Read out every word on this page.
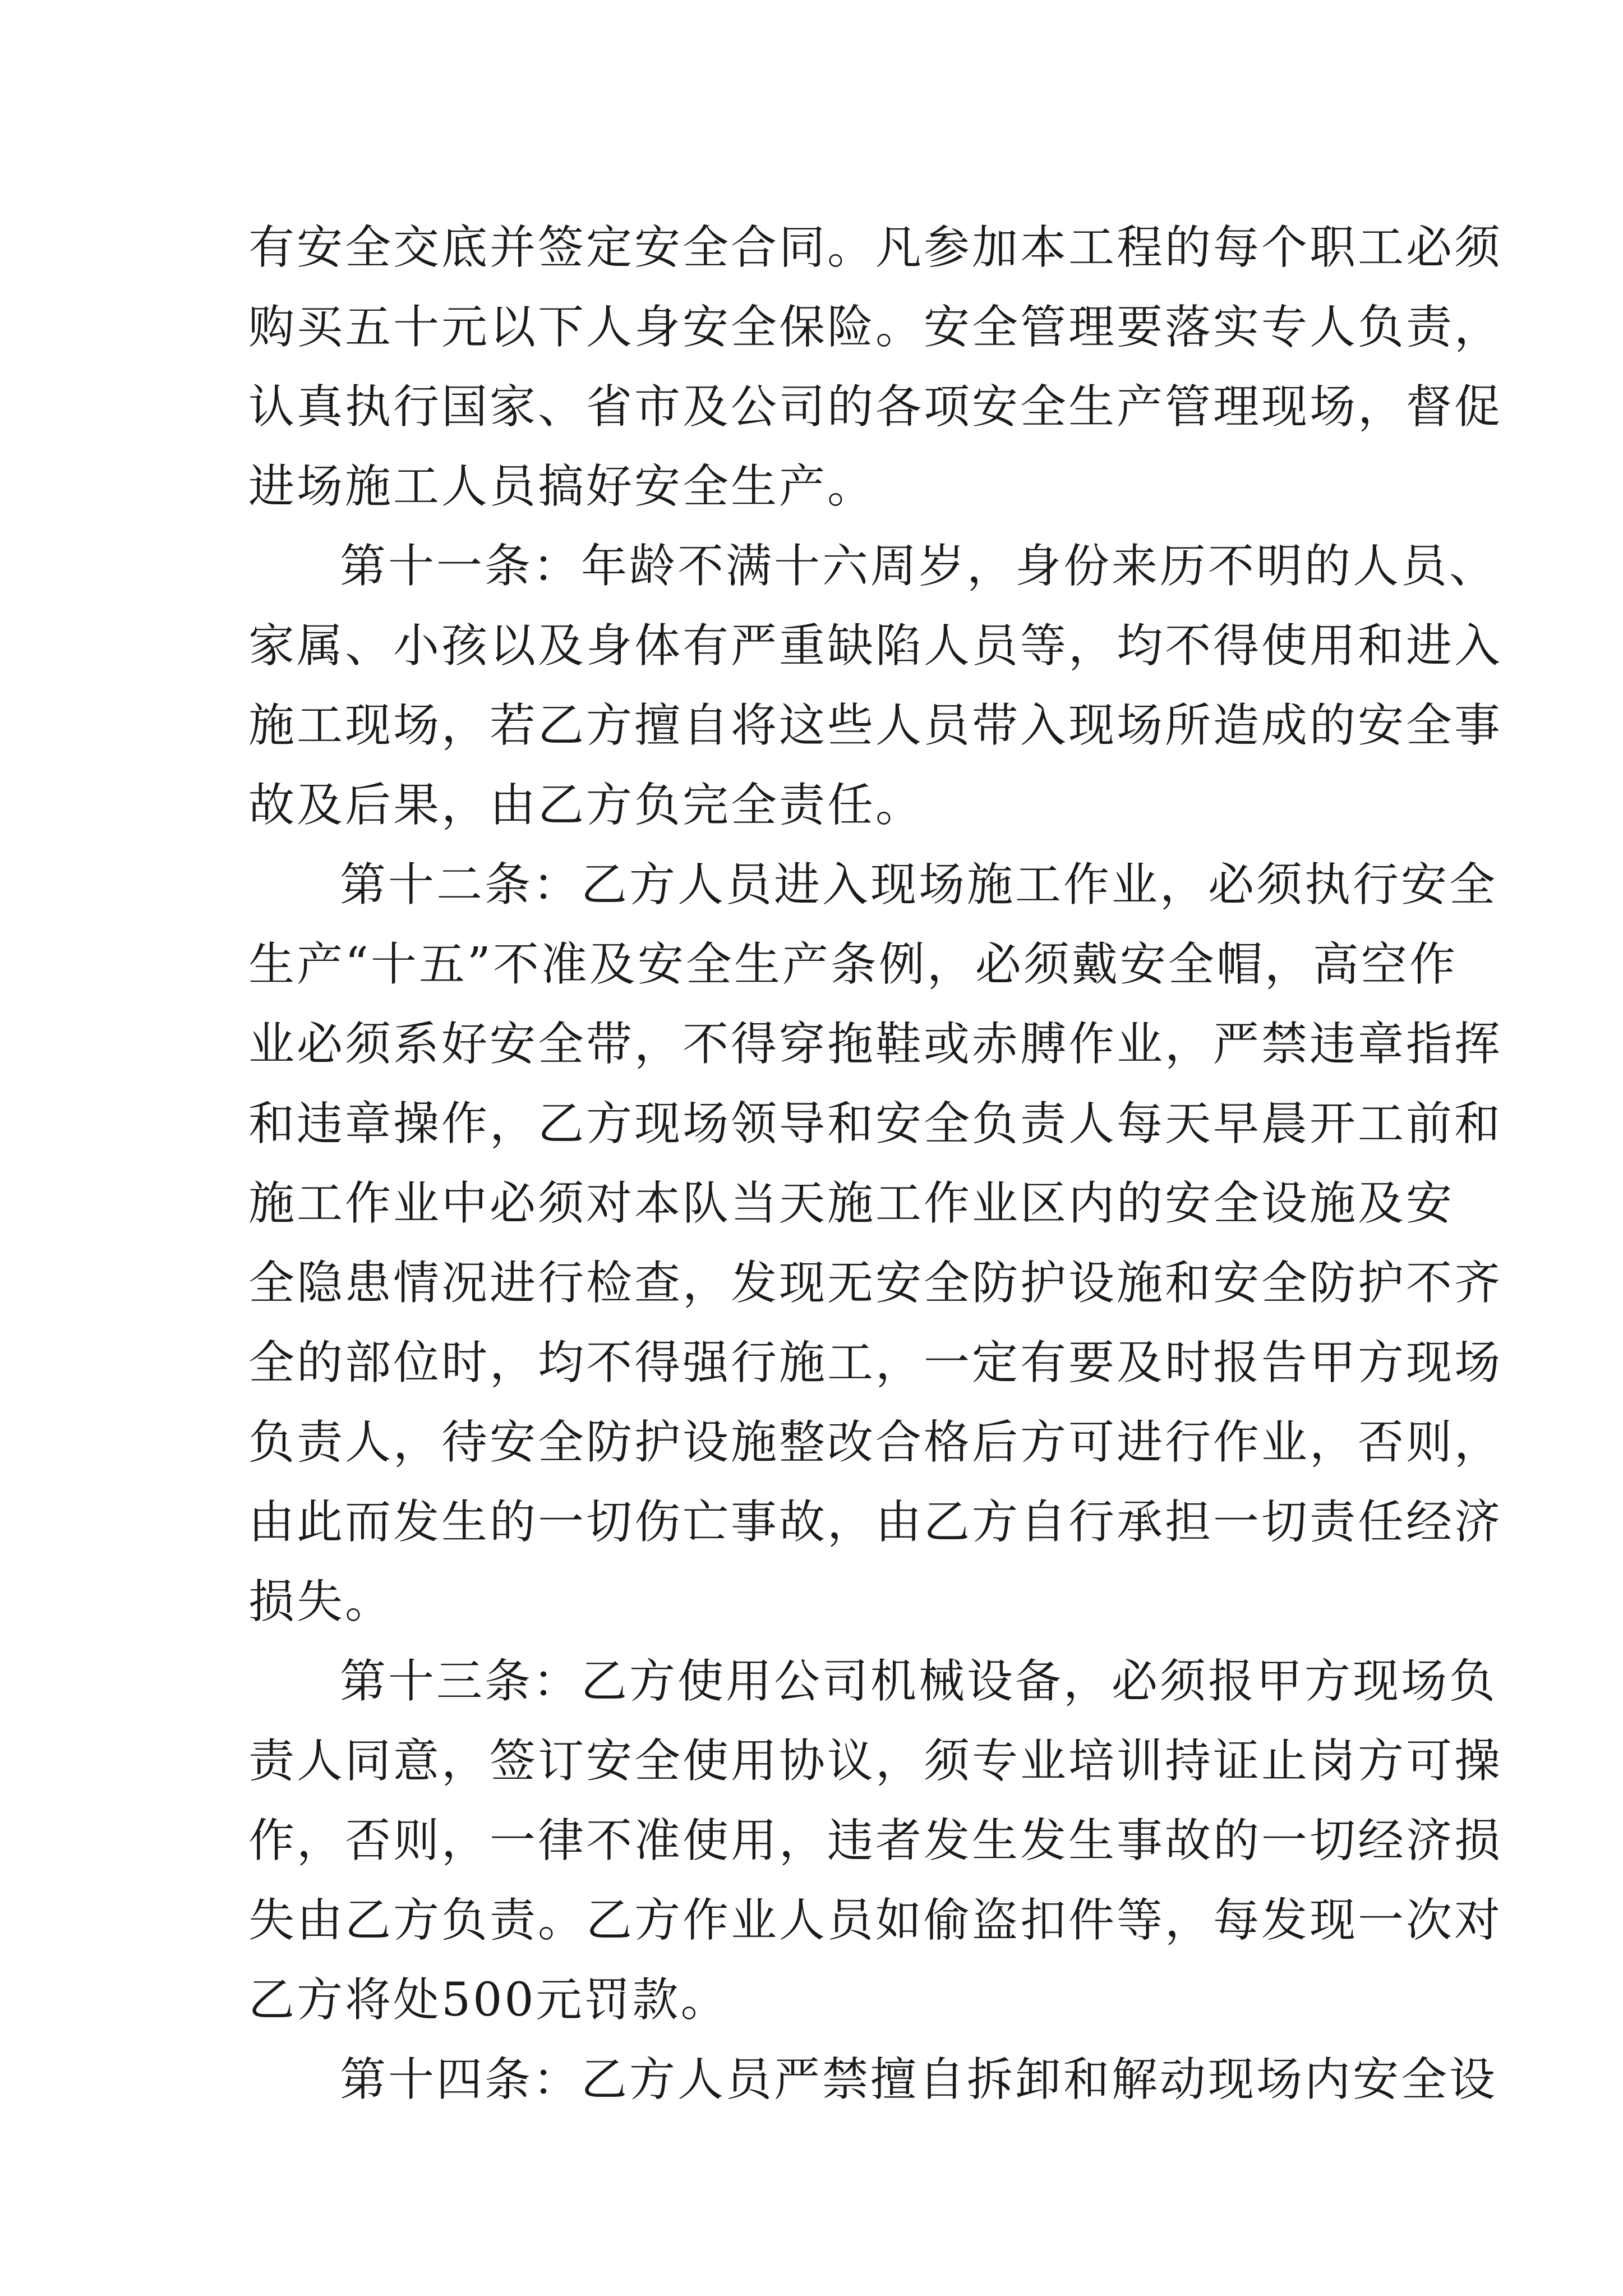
有安全交底并签定安全合同。凡参加本工程的每个职工必须
购买五十元以下人身安全保险。安全管理要落实专人负责，
认真执行国家、省市及公司的各项安全生产管理现场，督促
进场施工人员搞好安全生产。
第十一条：年龄不满十六周岁，身份来历不明的人员、
家属、小孩以及身体有严重缺陷人员等，均不得使用和进入
施工现场，若乙方擅自将这些人员带入现场所造成的安全事
故及后果，由乙方负完全责任。
第十二条：乙方人员进入现场施工作业，必须执行安全
生产“十五”不准及安全生产条例，必须戴安全帽，高空作
业必须系好安全带，不得穿拖鞋或赤膊作业，严禁违章指挥
和违章操作，乙方现场领导和安全负责人每天早晨开工前和
施工作业中必须对本队当天施工作业区内的安全设施及安
全隐患情况进行检查，发现无安全防护设施和安全防护不齐
全的部位时，均不得强行施工，一定有要及时报告甲方现场
负责人，待安全防护设施整改合格后方可进行作业，否则，
由此而发生的一切伤亡事故，由乙方自行承担一切责任经济
损失。
第十三条：乙方使用公司机械设备，必须报甲方现场负
责人同意，签订安全使用协议，须专业培训持证止岗方可操
作，否则，一律不准使用，违者发生发生事故的一切经济损
失由乙方负责。乙方作业人员如偷盗扣件等，每发现一次对
乙方将处500元罚款。
第十四条：乙方人员严禁擅自拆卸和解动现场内安全设
